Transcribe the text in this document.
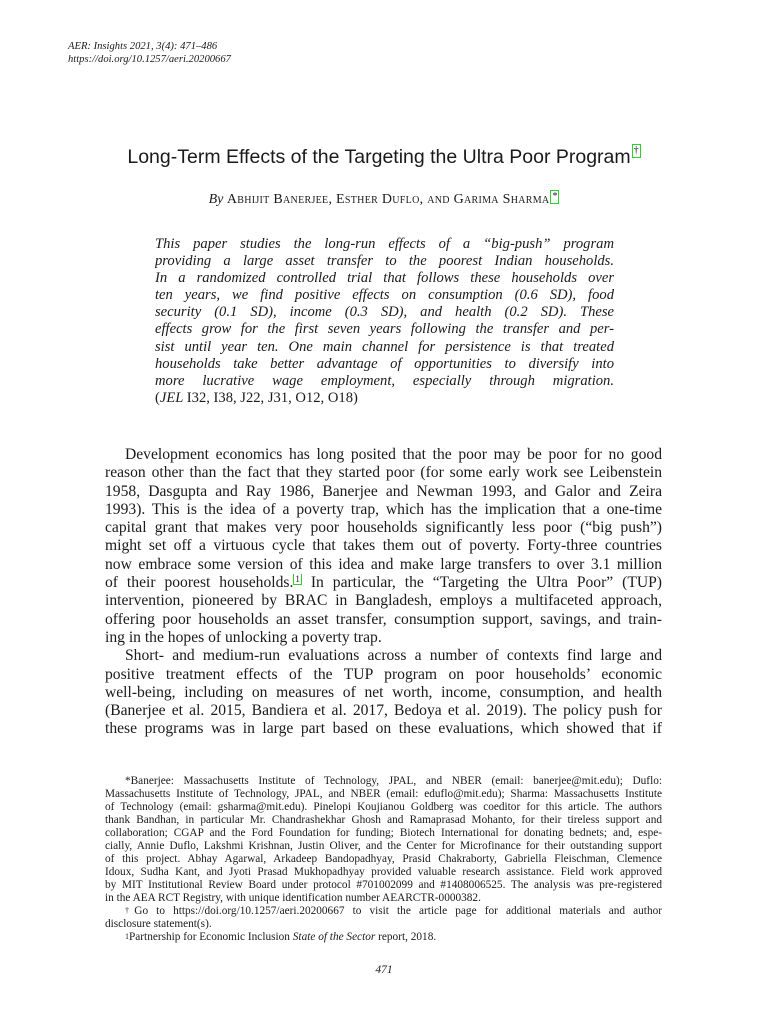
AER: Insights 2021, 3(4): 471–486
https://doi.org/10.1257/aeri.20200667
Long-Term Effects of the Targeting the Ultra Poor Program †
By Abhijit Banerjee, Esther Duflo, and Garima Sharma *
This paper studies the long-run effects of a “big-push” program
providing a large asset transfer to the poorest Indian households.
In a randomized controlled trial that follows these households over
ten years, we find positive effects on consumption (0.6 SD), food
security (0.1 SD), income (0.3 SD), and health (0.2 SD). These
effects grow for the first seven years following the transfer and per-
sist until year ten. One main channel for persistence is that treated
households take better advantage of opportunities to diversify into
more lucrative wage employment, especially through migration.
(JEL I32, I38, J22, J31, O12, O18)
Development economics has long posited that the poor may be poor for no good
reason other than the fact that they started poor (for some early work see Leibenstein
1958, Dasgupta and Ray 1986, Banerjee and Newman 1993, and Galor and Zeira
1993). This is the idea of a poverty trap, which has the implication that a one-time
capital grant that makes very poor households significantly less poor (“big push”)
might set off a virtuous cycle that takes them out of poverty. Forty-three countries
now embrace some version of this idea and make large transfers to over 3.1 million
of their poorest households. 1 In particular, the “Targeting the Ultra Poor” (TUP)
intervention, pioneered by BRAC in Bangladesh, employs a multifaceted approach,
offering poor households an asset transfer, consumption support, savings, and train-
ing in the hopes of unlocking a poverty trap.
Short- and medium-run evaluations across a number of contexts find large and
positive treatment effects of the TUP program on poor households’ economic
well-being, including on measures of net worth, income, consumption, and health
(Banerjee et al. 2015, Bandiera et al. 2017, Bedoya et al. 2019). The policy push for
these programs was in large part based on these evaluations, which showed that if
*Banerjee: Massachusetts Institute of Technology, JPAL, and NBER (email: banerjee@mit.edu); Duflo:
Massachusetts Institute of Technology, JPAL, and NBER (email: eduflo@mit.edu); Sharma: Massachusetts Institute
of Technology (email: gsharma@mit.edu). Pinelopi Koujianou Goldberg was coeditor for this article. The authors
thank Bandhan, in particular Mr. Chandrashekhar Ghosh and Ramaprasad Mohanto, for their tireless support and
collaboration; CGAP and the Ford Foundation for funding; Biotech International for donating bednets; and, espe-
cially, Annie Duflo, Lakshmi Krishnan, Justin Oliver, and the Center for Microfinance for their outstanding support
of this project. Abhay Agarwal, Arkadeep Bandopadhyay, Prasid Chakraborty, Gabriella Fleischman, Clemence
Idoux, Sudha Kant, and Jyoti Prasad Mukhopadhyay provided valuable research assistance. Field work approved
by MIT Institutional Review Board under protocol #701002099 and #1408006525. The analysis was pre-registered
in the AEA RCT Registry, with unique identification number AEARCTR-0000382.
†Go to https://doi.org/10.1257/aeri.20200667 to visit the article page for additional materials and author
disclosure statement(s).
$^1$Partnership for Economic Inclusion State of the Sector report, 2018.
471
